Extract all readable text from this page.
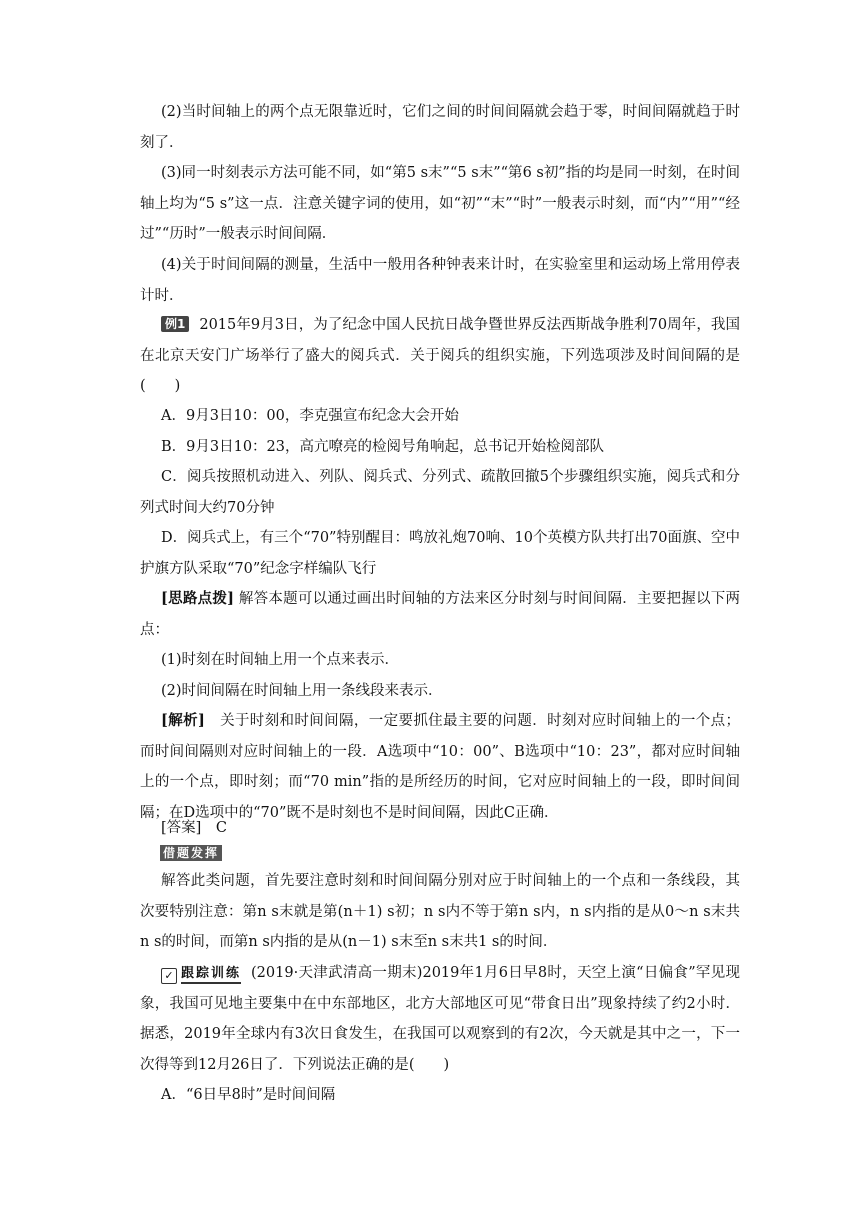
(2)当时间轴上的两个点无限靠近时，它们之间的时间间隔就会趋于零，时间间隔就趋于时刻了．

(3)同一时刻表示方法可能不同，如“第5 s末”“5 s末”“第6 s初”指的均是同一时刻，在时间轴上均为“5 s”这一点．注意关键字词的使用，如“初”“末”“时”一般表示时刻，而“内”“用”“经过”“历时”一般表示时间间隔．

(4)关于时间间隔的测量，生活中一般用各种钟表来计时，在实验室里和运动场上常用停表计时．

例1 2015年9月3日，为了纪念中国人民抗日战争暨世界反法西斯战争胜利70周年，我国在北京天安门广场举行了盛大的阅兵式．关于阅兵的组织实施，下列选项涉及时间间隔的是(　　)

A．9月3日10：00，李克强宣布纪念大会开始

B．9月3日10：23，高亢嘹亮的检阅号角响起，总书记开始检阅部队

C．阅兵按照机动进入、列队、阅兵式、分列式、疏散回撤5个步骤组织实施，阅兵式和分列式时间大约70分钟

D．阅兵式上，有三个“70”特别醒目：鸣放礼炮70响、10个英模方队共打出70面旗、空中护旗方队采取“70”纪念字样编队飞行

[思路点拨] 解答本题可以通过画出时间轴的方法来区分时刻与时间间隔．主要把握以下两点：

(1)时刻在时间轴上用一个点来表示．

(2)时间间隔在时间轴上用一条线段来表示．

[解析]　 关于时刻和时间间隔，一定要抓住最主要的问题．时刻对应时间轴上的一个点；而时间间隔则对应时间轴上的一段．A选项中“10：00”、B选项中“10：23”，都对应时间轴上的一个点，即时刻；而“70 min”指的是所经历的时间，它对应时间轴上的一段，即时间间隔；在D选项中的“70”既不是时刻也不是时间间隔，因此C正确．

[答案]　 C

借题发挥

解答此类问题，首先要注意时刻和时间间隔分别对应于时间轴上的一个点和一条线段，其次要特别注意：第n s末就是第(n＋1) s初；n s内不等于第n s内，n s内指的是从0～n s末共n s的时间，而第n s内指的是从(n－1) s末至n s末共1 s的时间．

✓ 跟踪训练 (2019·天津武清高一期末)2019年1月6日早8时，天空上演“日偏食”罕见现象，我国可见地主要集中在中东部地区，北方大部地区可见“带食日出”现象持续了约2小时．据悉，2019年全球内有3次日食发生，在我国可以观察到的有2次，今天就是其中之一，下一次得等到12月26日了．下列说法正确的是(　　)

A．“6日早8时”是时间间隔
